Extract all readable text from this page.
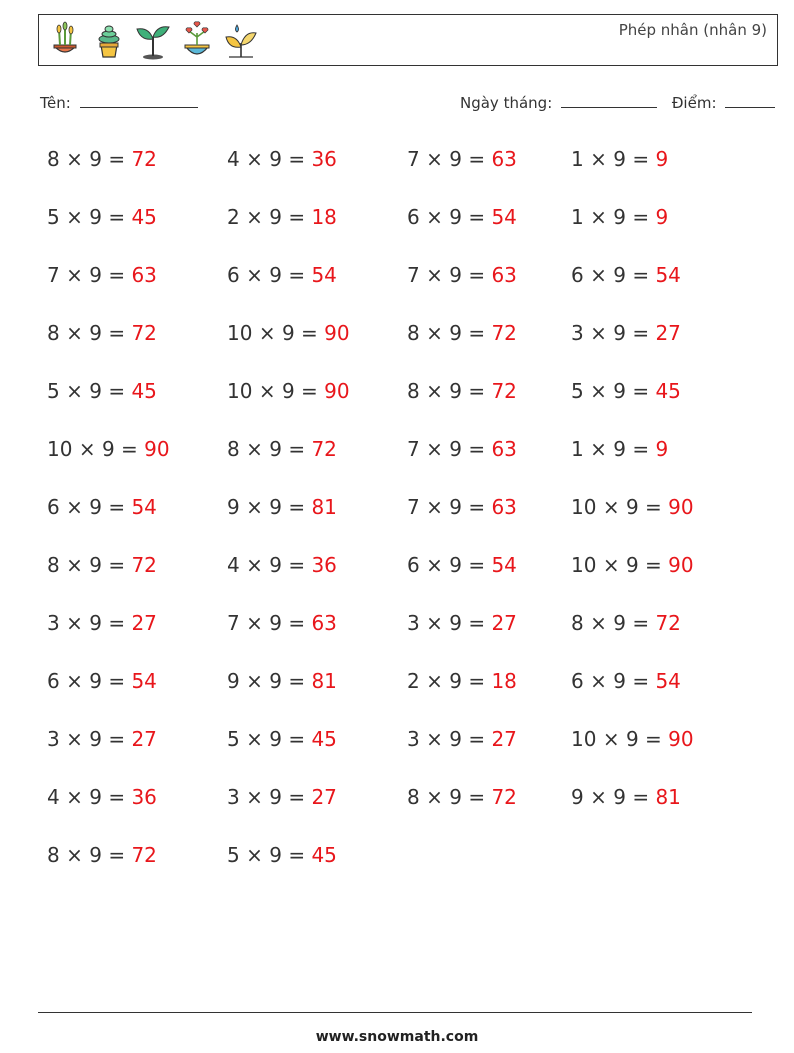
Phép nhân (nhân 9)
Tên:	Ngày tháng:	Điểm:
8 × 9 = 72	4 × 9 = 36	7 × 9 = 63	1 × 9 = 9
5 × 9 = 45	2 × 9 = 18	6 × 9 = 54	1 × 9 = 9
7 × 9 = 63	6 × 9 = 54	7 × 9 = 63	6 × 9 = 54
8 × 9 = 72	10 × 9 = 90	8 × 9 = 72	3 × 9 = 27
5 × 9 = 45	10 × 9 = 90	8 × 9 = 72	5 × 9 = 45
10 × 9 = 90	8 × 9 = 72	7 × 9 = 63	1 × 9 = 9
6 × 9 = 54	9 × 9 = 81	7 × 9 = 63	10 × 9 = 90
8 × 9 = 72	4 × 9 = 36	6 × 9 = 54	10 × 9 = 90
3 × 9 = 27	7 × 9 = 63	3 × 9 = 27	8 × 9 = 72
6 × 9 = 54	9 × 9 = 81	2 × 9 = 18	6 × 9 = 54
3 × 9 = 27	5 × 9 = 45	3 × 9 = 27	10 × 9 = 90
4 × 9 = 36	3 × 9 = 27	8 × 9 = 72	9 × 9 = 81
8 × 9 = 72	5 × 9 = 45
www.snowmath.com
